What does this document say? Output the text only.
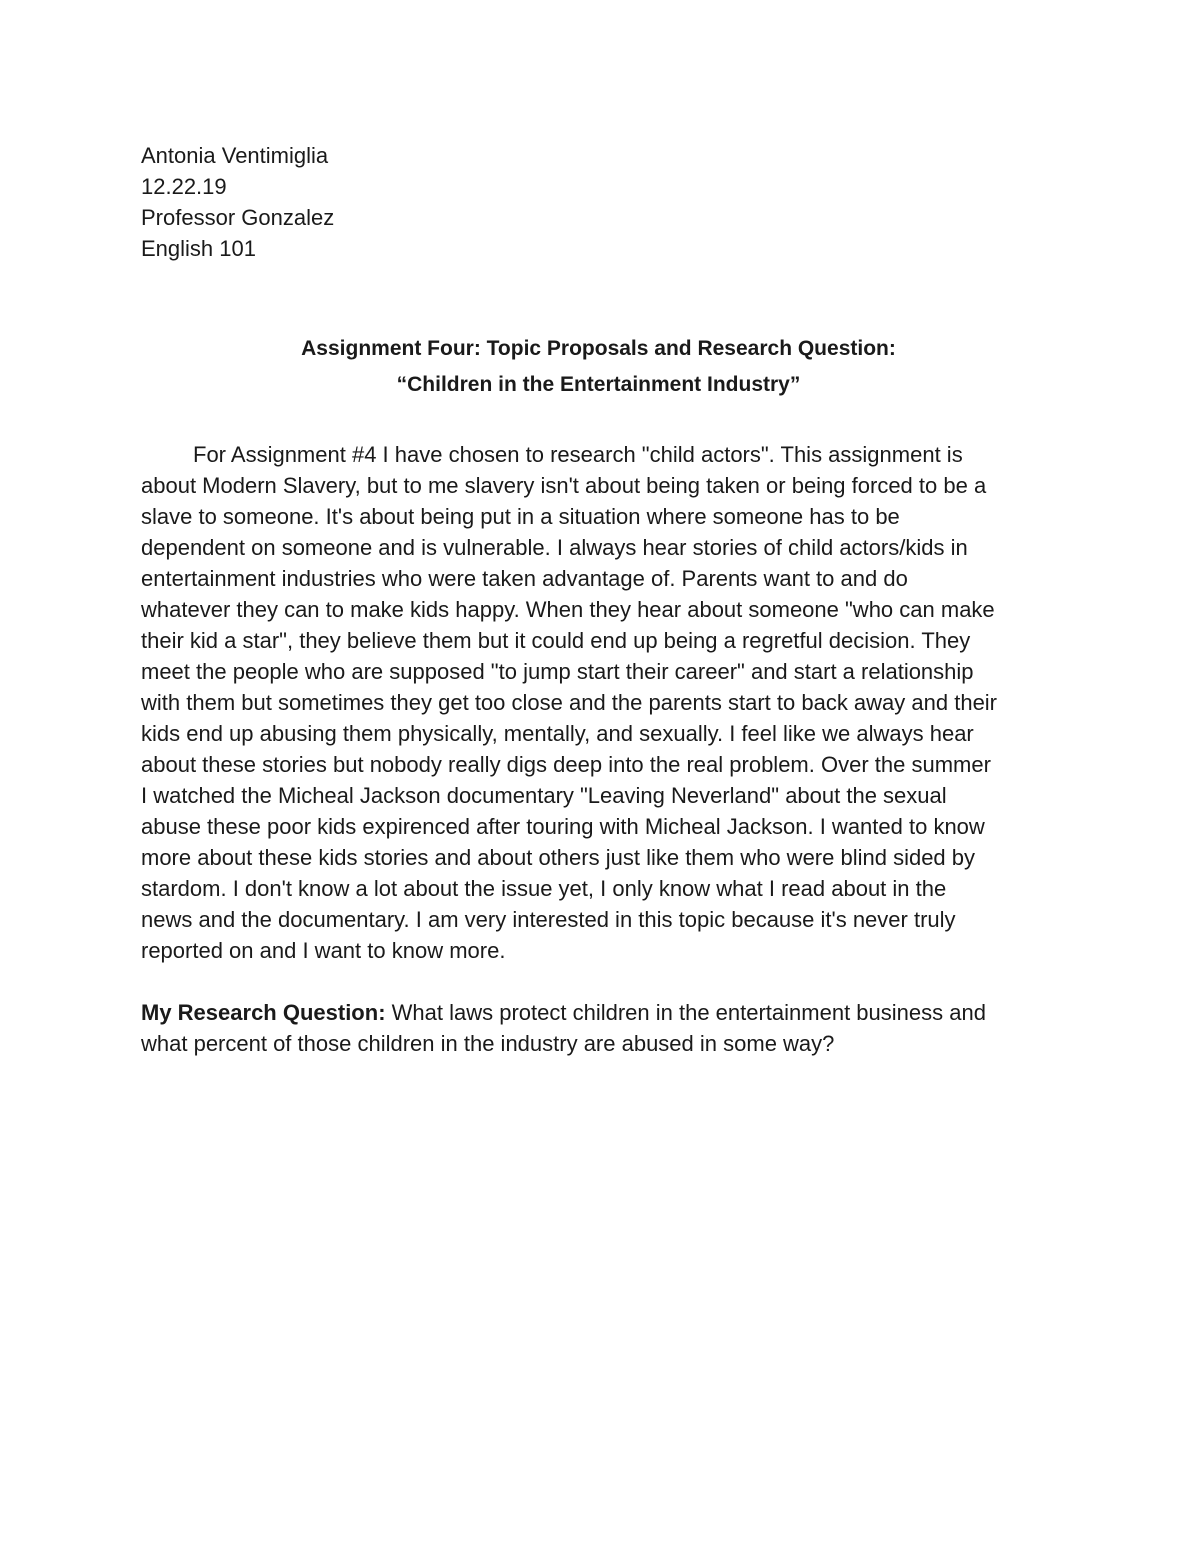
Antonia Ventimiglia
12.22.19
Professor Gonzalez
English 101
Assignment Four: Topic Proposals and Research Question:
“Children in the Entertainment Industry”
For Assignment #4 I have chosen to research "child actors". This assignment is
about Modern Slavery, but to me slavery isn't about being taken or being forced to be a
slave to someone. It's about being put in a situation where someone has to be
dependent on someone and is vulnerable. I always hear stories of child actors/kids in
entertainment industries who were taken advantage of. Parents want to and do
whatever they can to make kids happy. When they hear about someone "who can make
their kid a star", they believe them but it could end up being a regretful decision. They
meet the people who are supposed "to jump start their career" and start a relationship
with them but sometimes they get too close and the parents start to back away and their
kids end up abusing them physically, mentally, and sexually. I feel like we always hear
about these stories but nobody really digs deep into the real problem. Over the summer
I watched the Micheal Jackson documentary "Leaving Neverland" about the sexual
abuse these poor kids expirenced after touring with Micheal Jackson. I wanted to know
more about these kids stories and about others just like them who were blind sided by
stardom. I don't know a lot about the issue yet, I only know what I read about in the
news and the documentary. I am very interested in this topic because it's never truly
reported on and I want to know more.
My Research Question: What laws protect children in the entertainment business and
what percent of those children in the industry are abused in some way?
